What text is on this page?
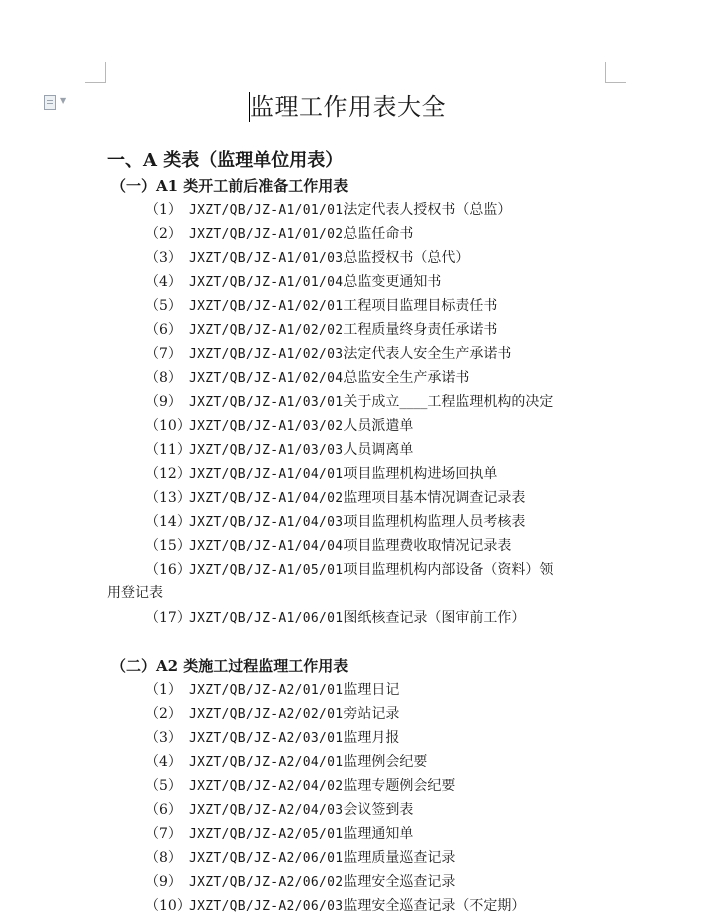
▼	监理工作用表大全
一、A 类表（监理单位用表）
（一）A1 类开工前后准备工作用表
（1） JXZT/QB/JZ-A1/01/01法定代表人授权书（总监）
（2） JXZT/QB/JZ-A1/01/02总监任命书
（3） JXZT/QB/JZ-A1/01/03总监授权书（总代）
（4） JXZT/QB/JZ-A1/01/04总监变更通知书
（5） JXZT/QB/JZ-A1/02/01工程项目监理目标责任书
（6） JXZT/QB/JZ-A1/02/02工程质量终身责任承诺书
（7） JXZT/QB/JZ-A1/02/03法定代表人安全生产承诺书
（8） JXZT/QB/JZ-A1/02/04总监安全生产承诺书
（9） JXZT/QB/JZ-A1/03/01关于成立____工程监理机构的决定
（10）JXZT/QB/JZ-A1/03/02人员派遣单
（11）JXZT/QB/JZ-A1/03/03人员调离单
（12）JXZT/QB/JZ-A1/04/01项目监理机构进场回执单
（13）JXZT/QB/JZ-A1/04/02监理项目基本情况调查记录表
（14）JXZT/QB/JZ-A1/04/03项目监理机构监理人员考核表
（15）JXZT/QB/JZ-A1/04/04项目监理费收取情况记录表
（16）JXZT/QB/JZ-A1/05/01项目监理机构内部设备（资料）领
（17）JXZT/QB/JZ-A1/06/01图纸核查记录（图审前工作）
用登记表
（二）A2 类施工过程监理工作用表
（1） JXZT/QB/JZ-A2/01/01监理日记
（2） JXZT/QB/JZ-A2/02/01旁站记录
（3） JXZT/QB/JZ-A2/03/01监理月报
（4） JXZT/QB/JZ-A2/04/01监理例会纪要
（5） JXZT/QB/JZ-A2/04/02监理专题例会纪要
（6） JXZT/QB/JZ-A2/04/03会议签到表
（7） JXZT/QB/JZ-A2/05/01监理通知单
（8） JXZT/QB/JZ-A2/06/01监理质量巡查记录
（9） JXZT/QB/JZ-A2/06/02监理安全巡查记录
（10）JXZT/QB/JZ-A2/06/03监理安全巡查记录（不定期）
